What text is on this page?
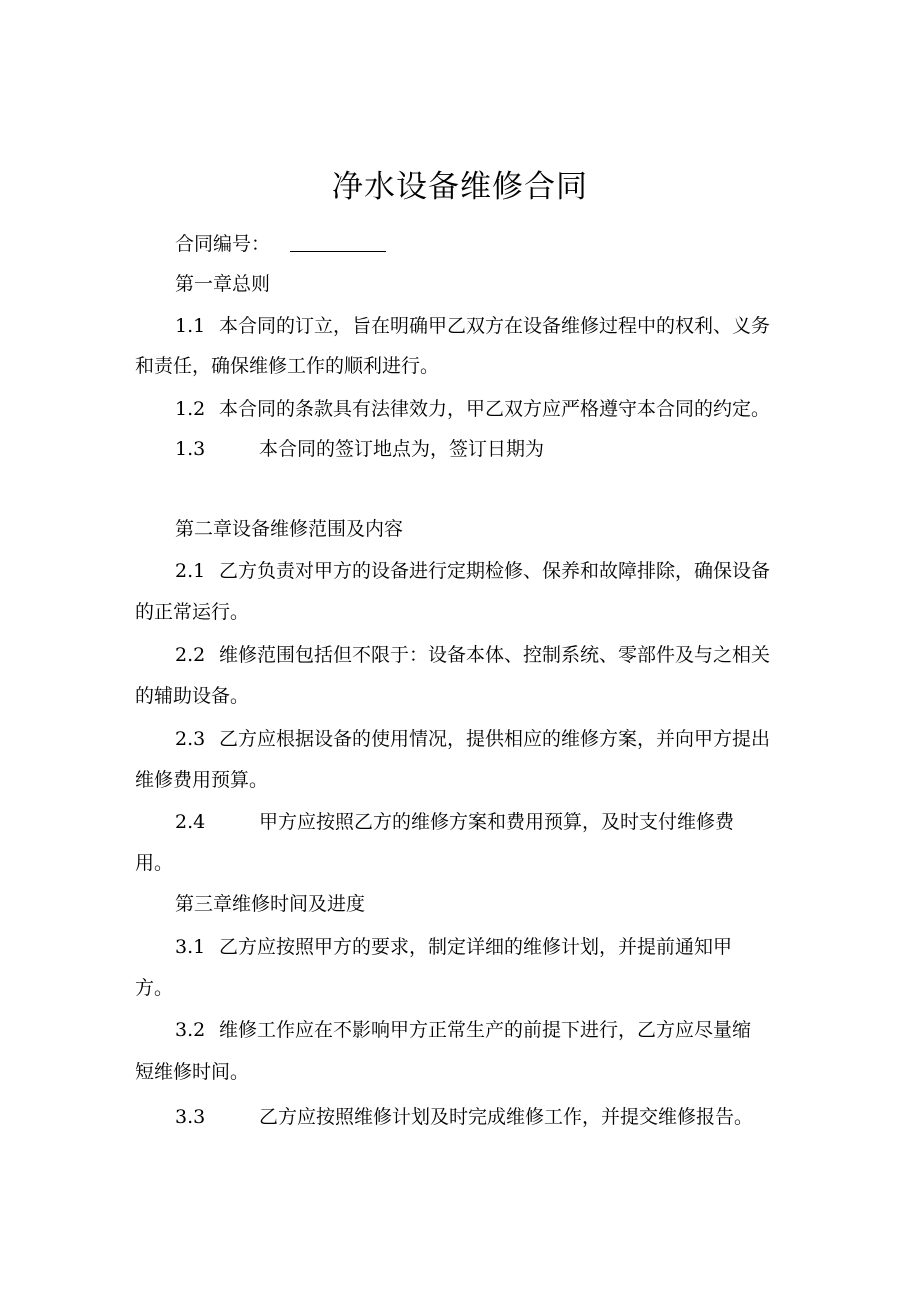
净水设备维修合同
合同编号：
第一章总则
1.1 本合同的订立，旨在明确甲乙双方在设备维修过程中的权利、义务
和责任，确保维修工作的顺利进行。
1.2 本合同的条款具有法律效力，甲乙双方应严格遵守本合同的约定。
1.3	本合同的签订地点为，签订日期为
第二章设备维修范围及内容
2.1 乙方负责对甲方的设备进行定期检修、保养和故障排除，确保设备
的正常运行。
2.2 维修范围包括但不限于：设备本体、控制系统、零部件及与之相关
的辅助设备。
2.3 乙方应根据设备的使用情况，提供相应的维修方案，并向甲方提出
维修费用预算。
2.4	甲方应按照乙方的维修方案和费用预算，及时支付维修费
用。
第三章维修时间及进度
3.1 乙方应按照甲方的要求，制定详细的维修计划，并提前通知甲
方。
3.2 维修工作应在不影响甲方正常生产的前提下进行，乙方应尽量缩
短维修时间。
3.3	乙方应按照维修计划及时完成维修工作，并提交维修报告。
